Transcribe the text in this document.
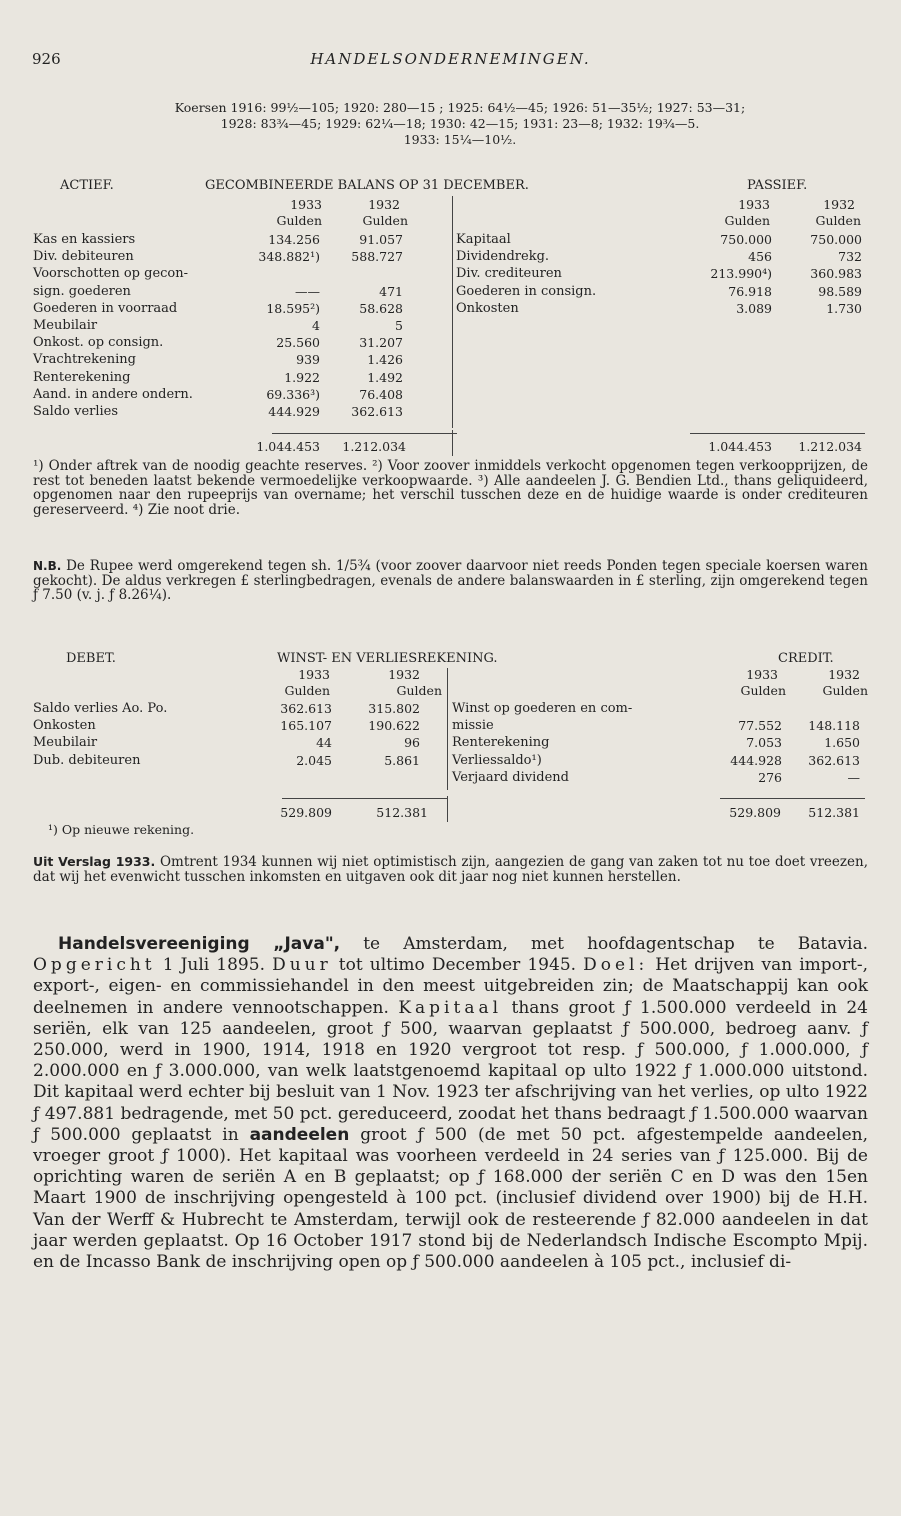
926	HANDELSONDERNEMINGEN.
Koersen 1916: 99½—105; 1920: 280—15 ; 1925: 64½—45; 1926: 51—35½; 1927: 53—31;
1928: 83¾—45; 1929: 62¼—18; 1930: 42—15; 1931: 23—8; 1932: 19¾—5.
1933: 15¼—10½.
ACTIEF.	GECOMBINEERDE BALANS OP 31 DECEMBER.	PASSIEF.
1933	1932
Gulden	Gulden
1933	1932
Gulden	Gulden
Kas en kassiers	134.256	91.057
Div. debiteuren	348.882¹)	588.727
Voorschotten op gecon-
sign. goederen	——	471
Goederen in voorraad	18.595²)	58.628
Meubilair	4	5
Onkost. op consign.	25.560	31.207
Vrachtrekening	939	1.426
Renterekening	1.922	1.492
Aand. in andere ondern.	69.336³)	76.408
Saldo verlies	444.929	362.613
Kapitaal	750.000	750.000
Dividendrekg.	456	732
Div. crediteuren	213.990⁴)	360.983
Goederen in consign.	76.918	98.589
Onkosten	3.089	1.730
1.044.453 1.212.034	1.044.453	1.212.034
¹) Onder aftrek van de noodig geachte reserves. ²) Voor zoover inmiddels verkocht opgenomen tegen verkoopprijzen, de rest tot beneden laatst bekende vermoedelijke verkoopwaarde. ³) Alle aandeelen J. G. Bendien Ltd., thans geliquideerd, opgenomen naar den rupeeprijs van overname; het verschil tusschen deze en de huidige waarde is onder crediteuren gereserveerd. ⁴) Zie noot drie.
N.B. De Rupee werd omgerekend tegen sh. 1/5¾ (voor zoover daarvoor niet reeds Ponden tegen speciale koersen waren gekocht). De aldus verkregen £ sterlingbedragen, evenals de andere balanswaarden in £ sterling, zijn omgerekend tegen ƒ 7.50 (v. j. ƒ 8.26¼).
DEBET.	WINST- EN VERLIESREKENING.	CREDIT.
1933	1932
Gulden	Gulden
1933	1932
Gulden	Gulden
Saldo verlies Ao. Po.	362.613	315.802
Onkosten	165.107	190.622
Meubilair	44	96
Dub. debiteuren	2.045	5.861
Winst op goederen en com-
missie	77.552	148.118
Renterekening	7.053	1.650
Verliessaldo¹)	444.928	362.613
Verjaard dividend	276	—
529.809	512.381	529.809	512.381
¹) Op nieuwe rekening.
Uit Verslag 1933. Omtrent 1934 kunnen wij niet optimistisch zijn, aangezien de gang van zaken tot nu toe doet vreezen, dat wij het evenwicht tusschen inkomsten en uitgaven ook dit jaar nog niet kunnen herstellen.
Handelsvereeniging „Java", te Amsterdam, met hoofdagentschap te Batavia. Opgericht 1 Juli 1895. Duur tot ultimo December 1945. Doel: Het drijven van import-, export-, eigen- en commissiehandel in den meest uitgebreiden zin; de Maatschappij kan ook deelnemen in andere vennootschappen. Kapitaal thans groot ƒ 1.500.000 verdeeld in 24 seriën, elk van 125 aandeelen, groot ƒ 500, waarvan geplaatst ƒ 500.000, bedroeg aanv. ƒ 250.000, werd in 1900, 1914, 1918 en 1920 vergroot tot resp. ƒ 500.000, ƒ 1.000.000, ƒ 2.000.000 en ƒ 3.000.000, van welk laatstgenoemd kapitaal op ulto 1922 ƒ 1.000.000 uitstond. Dit kapitaal werd echter bij besluit van 1 Nov. 1923 ter afschrijving van het verlies, op ulto 1922 ƒ 497.881 bedragende, met 50 pct. gereduceerd, zoodat het thans bedraagt ƒ 1.500.000 waarvan ƒ 500.000 geplaatst in aandeelen groot ƒ 500 (de met 50 pct. afgestempelde aandeelen, vroeger groot ƒ 1000). Het kapitaal was voorheen verdeeld in 24 series van ƒ 125.000. Bij de oprichting waren de seriën A en B geplaatst; op ƒ 168.000 der seriën C en D was den 15en Maart 1900 de inschrijving opengesteld à 100 pct. (inclusief dividend over 1900) bij de H.H. Van der Werff & Hubrecht te Amsterdam, terwijl ook de resteerende ƒ 82.000 aandeelen in dat jaar werden geplaatst. Op 16 October 1917 stond bij de Nederlandsch Indische Escompto Mpij. en de Incasso Bank de inschrijving open op ƒ 500.000 aandeelen à 105 pct., inclusief di-
